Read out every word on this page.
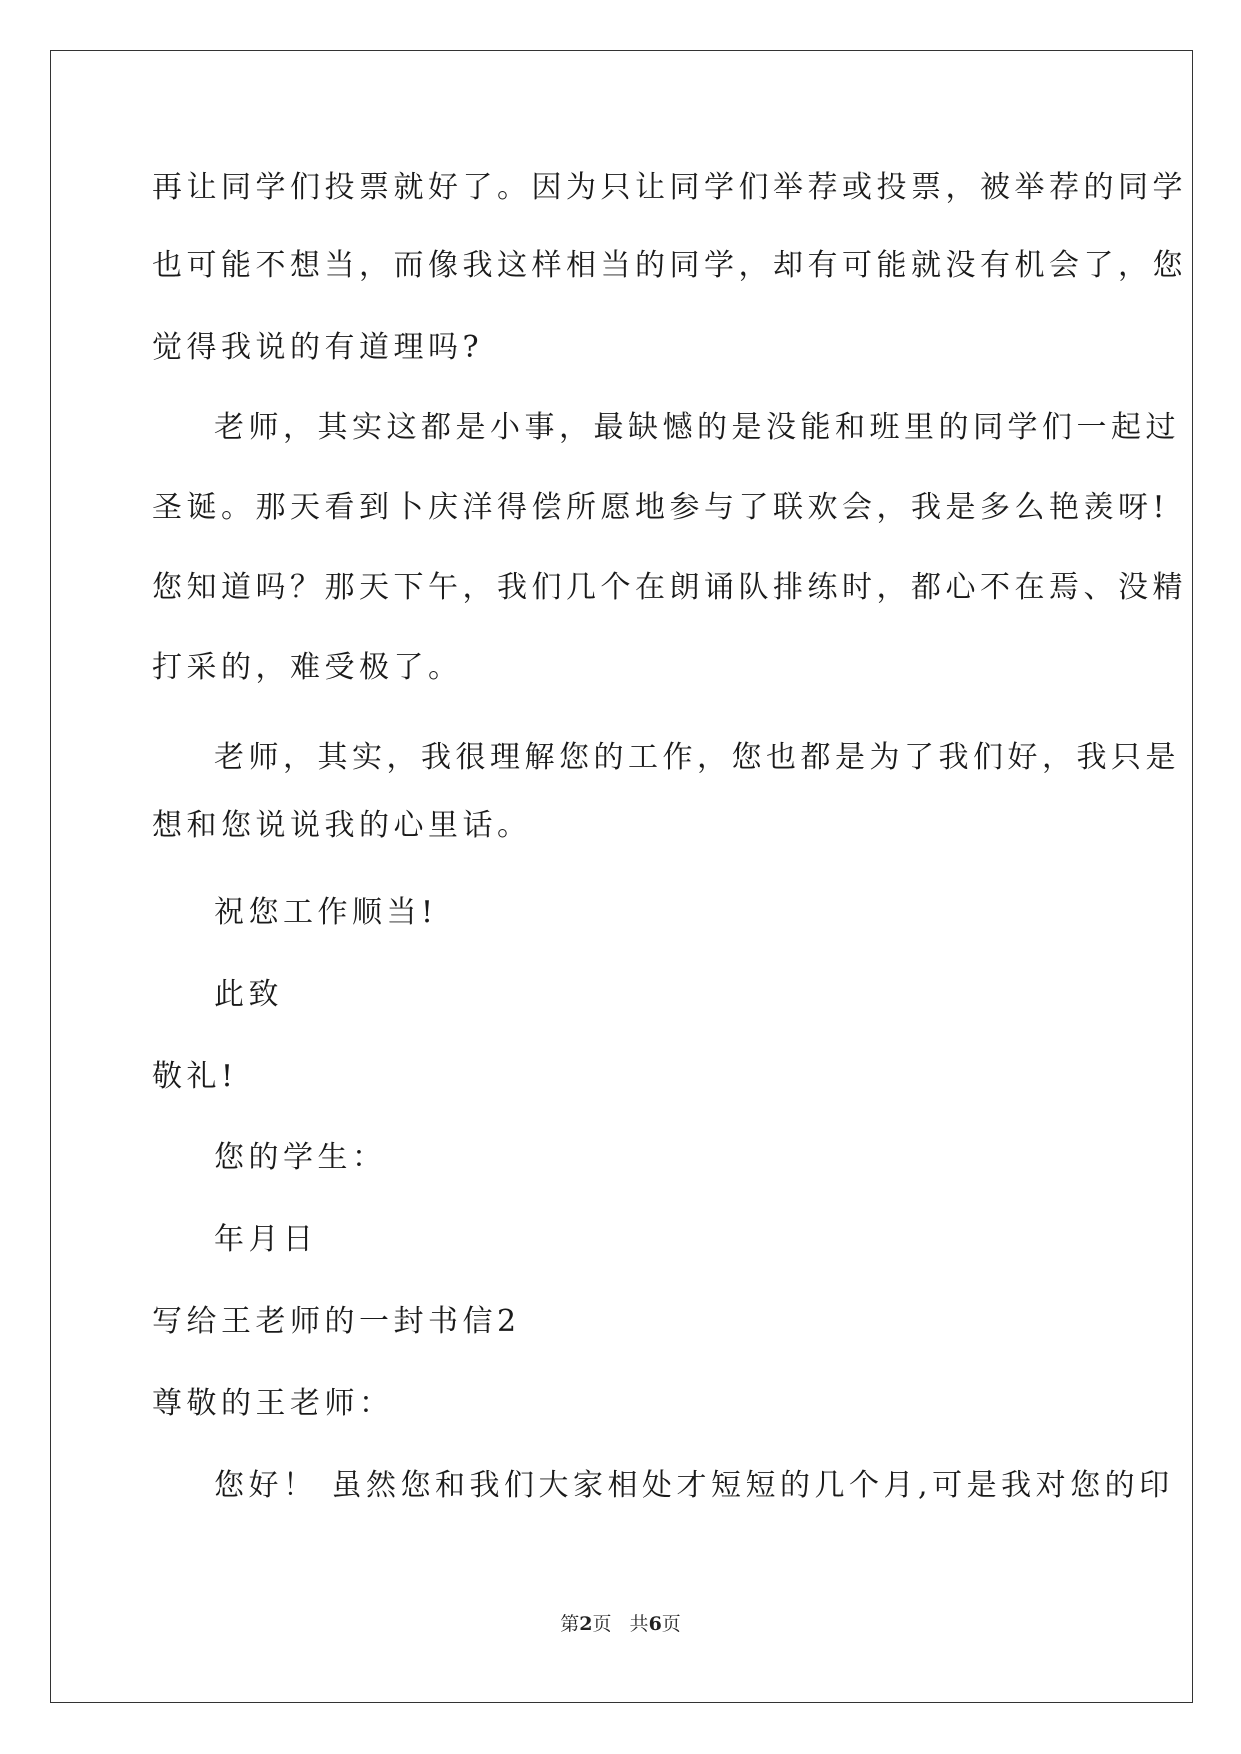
再让同学们投票就好了。因为只让同学们举荐或投票，被举荐的同学
也可能不想当，而像我这样相当的同学，却有可能就没有机会了，您
觉得我说的有道理吗?
老师，其实这都是小事，最缺憾的是没能和班里的同学们一起过
圣诞。那天看到卜庆洋得偿所愿地参与了联欢会，我是多么艳羡呀!
您知道吗？那天下午，我们几个在朗诵队排练时，都心不在焉、没精
打采的，难受极了。
老师，其实，我很理解您的工作，您也都是为了我们好，我只是
想和您说说我的心里话。
祝您工作顺当!
此致
敬礼!
您的学生：
年月日
写给王老师的一封书信2
尊敬的王老师：
您好！ 虽然您和我们大家相处才短短的几个月,可是我对您的印
第2页   共6页
